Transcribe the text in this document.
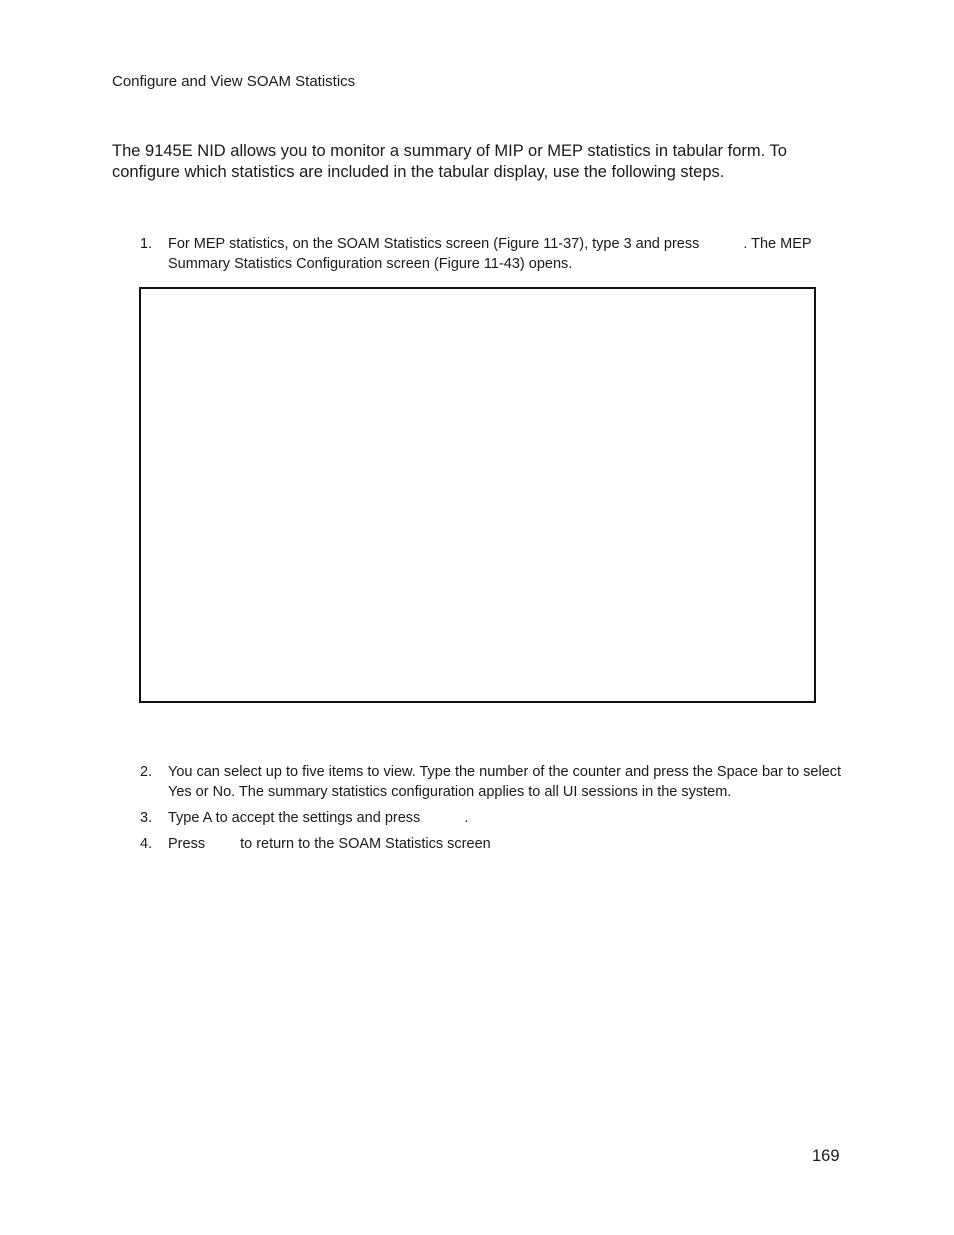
Configure and View SOAM Statistics

The 9145E NID allows you to monitor a summary of MIP or MEP statistics in tabular form. To configure which statistics are included in the tabular display, use the following steps.

1. For MEP statistics, on the SOAM Statistics screen (Figure 11-37), type 3 and press	. The MEP Summary Statistics Configuration screen (Figure 11-43) opens.
2. You can select up to five items to view. Type the number of the counter and press the Space bar to select Yes or No. The summary statistics configuration applies to all UI sessions in the system.
3. Type A to accept the settings and press	.
4. Press to return to the SOAM Statistics screen
169
